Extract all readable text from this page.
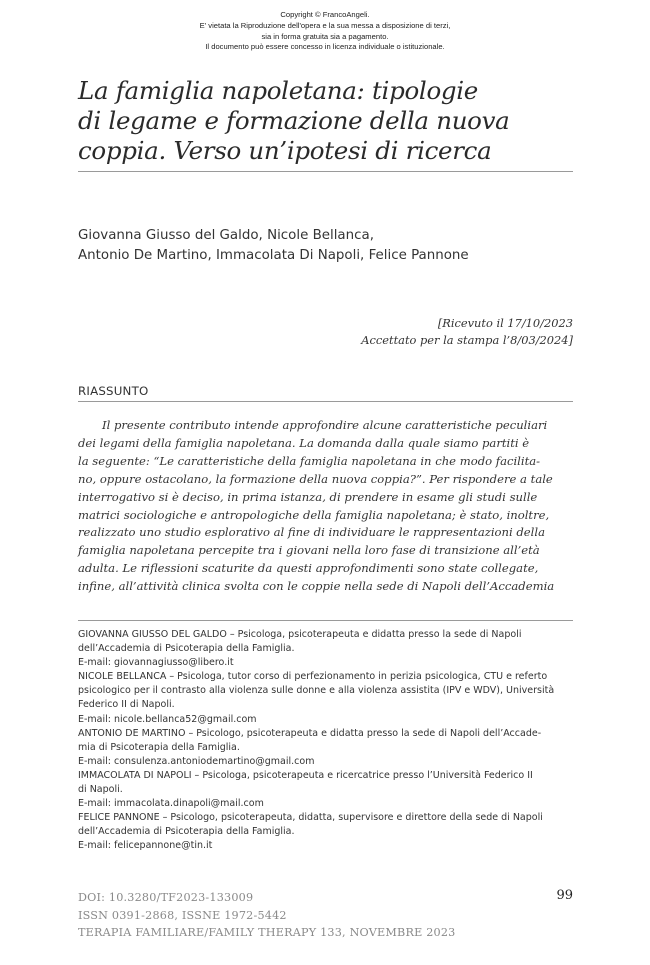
Copyright © FrancoAngeli.
E' vietata la Riproduzione dell'opera e la sua messa a disposizione di terzi,
sia in forma gratuita sia a pagamento.
Il documento può essere concesso in licenza individuale o istituzionale.
La famiglia napoletana: tipologie
di legame e formazione della nuova
coppia. Verso un’ipotesi di ricerca
Giovanna Giusso del Galdo, Nicole Bellanca,
Antonio De Martino, Immacolata Di Napoli, Felice Pannone
[Ricevuto il 17/10/2023
Accettato per la stampa l’8/03/2024]
RIASSUNTO
Il presente contributo intende approfondire alcune caratteristiche peculiari
dei legami della famiglia napoletana. La domanda dalla quale siamo partiti è
la seguente: “Le caratteristiche della famiglia napoletana in che modo facilita-
no, oppure ostacolano, la formazione della nuova coppia?”. Per rispondere a tale
interrogativo si è deciso, in prima istanza, di prendere in esame gli studi sulle
matrici sociologiche e antropologiche della famiglia napoletana; è stato, inoltre,
realizzato uno studio esplorativo al fine di individuare le rappresentazioni della
famiglia napoletana percepite tra i giovani nella loro fase di transizione all’età
adulta. Le riflessioni scaturite da questi approfondimenti sono state collegate,
infine, all’attività clinica svolta con le coppie nella sede di Napoli dell’Accademia
GIOVANNA GIUSSO DEL GALDO – Psicologa, psicoterapeuta e didatta presso la sede di Napoli
dell’Accademia di Psicoterapia della Famiglia.
E-mail: giovannagiusso@libero.it
NICOLE BELLANCA – Psicologa, tutor corso di perfezionamento in perizia psicologica, CTU e referto
psicologico per il contrasto alla violenza sulle donne e alla violenza assistita (IPV e WDV), Università
Federico II di Napoli.
E-mail: nicole.bellanca52@gmail.com
ANTONIO DE MARTINO – Psicologo, psicoterapeuta e didatta presso la sede di Napoli dell’Accade-
mia di Psicoterapia della Famiglia.
E-mail: consulenza.antoniodemartino@gmail.com
IMMACOLATA DI NAPOLI – Psicologa, psicoterapeuta e ricercatrice presso l’Università Federico II
di Napoli.
E-mail: immacolata.dinapoli@mail.com
FELICE PANNONE – Psicologo, psicoterapeuta, didatta, supervisore e direttore della sede di Napoli
dell’Accademia di Psicoterapia della Famiglia.
E-mail: felicepannone@tin.it
DOI: 10.3280/TF2023-133009
ISSN 0391-2868, ISSNE 1972-5442
TERAPIA FAMILIARE/FAMILY THERAPY 133, NOVEMBRE 2023
99
